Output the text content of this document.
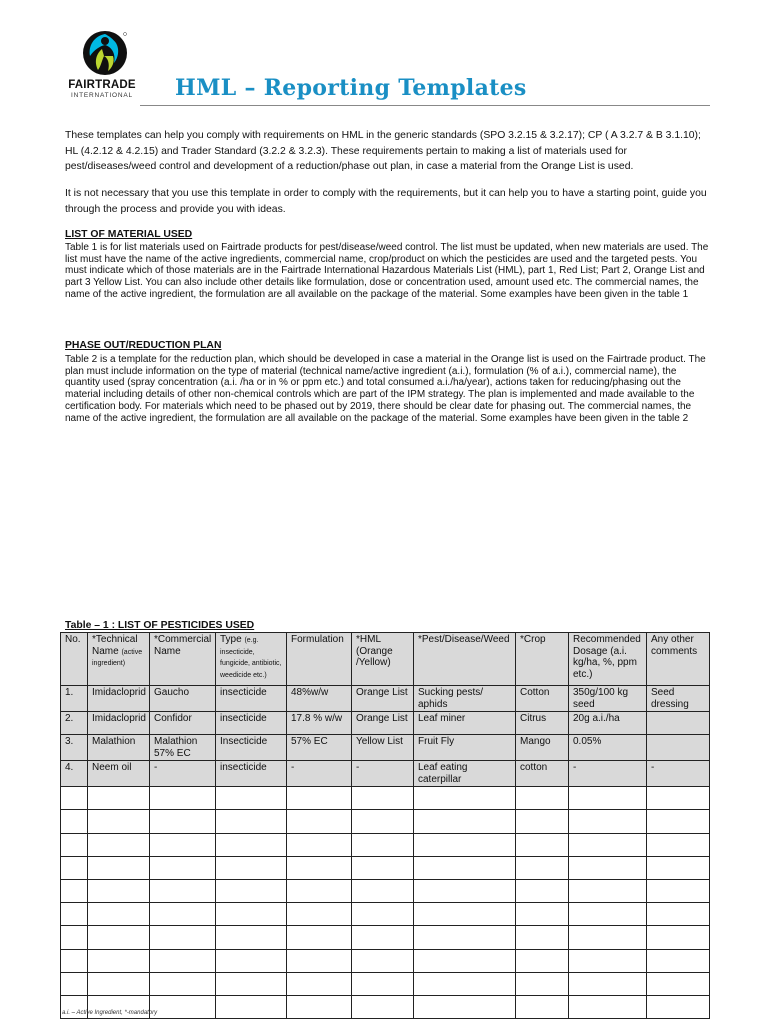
FAIRTRADE
INTERNATIONAL	HML – Reporting Templates
These templates can help you comply with requirements on HML in the generic standards (SPO 3.2.15 & 3.2.17); CP ( A 3.2.7 & B 3.1.10); HL (4.2.12 & 4.2.15) and Trader Standard (3.2.2 & 3.2.3). These requirements pertain to making a list of materials used for pest/diseases/weed control and development of a reduction/phase out plan, in case a material from the Orange List is used.
It is not necessary that you use this template in order to comply with the requirements, but it can help you to have a starting point, guide you through the process and provide you with ideas.
LIST OF MATERIAL USED
Table 1 is for list materials used on Fairtrade products for pest/disease/weed control. The list must be updated, when new materials are used. The list must have the name of the active ingredients, commercial name, crop/product on which the pesticides are used and the targeted pests. You must indicate which of those materials are in the Fairtrade International Hazardous Materials List (HML), part 1, Red List; Part 2, Orange List and part 3 Yellow List. You can also include other details like formulation, dose or concentration used, amount used etc. The commercial names, the name of the active ingredient, the formulation are all available on the package of the material. Some examples have been given in the table 1
PHASE OUT/REDUCTION PLAN
Table 2 is a template for the reduction plan, which should be developed in case a material in the Orange list is used on the Fairtrade product. The plan must include information on the type of material (technical name/active ingredient (a.i.), formulation (% of a.i.), commercial name), the quantity used (spray concentration (a.i. /ha or in % or ppm etc.) and total consumed a.i./ha/year), actions taken for reducing/phasing out the material including details of other non-chemical controls which are part of the IPM strategy. The plan is implemented and made available to the certification body. For materials which need to be phased out by 2019, there should be clear date for phasing out. The commercial names, the name of the active ingredient, the formulation are all available on the package of the material. Some examples have been given in the table 2
Table – 1 : LIST OF PESTICIDES USED
No.	*Technical Name (active ingredient)	*Commercial Name	Type (e.g. insecticide, fungicide, antibiotic, weedicide etc.)	Formulation	*HML (Orange /Yellow)	*Pest/Disease/Weed	*Crop	Recommended Dosage (a.i. kg/ha, %, ppm etc.)	Any other comments
1.	Imidacloprid	Gaucho	insecticide	48%w/w	Orange List	Sucking pests/ aphids	Cotton	350g/100 kg seed	Seed dressing
2.	Imidacloprid	Confidor	insecticide	17.8 % w/w	Orange List	Leaf miner	Citrus	20g a.i./ha	
3.	Malathion	Malathion 57% EC	Insecticide	57% EC	Yellow List	Fruit Fly	Mango	0.05%	
4.	Neem oil	-	insecticide	-	-	Leaf eating caterpillar	cotton	-	-

a.i. – Active Ingredient, *-mandatory
